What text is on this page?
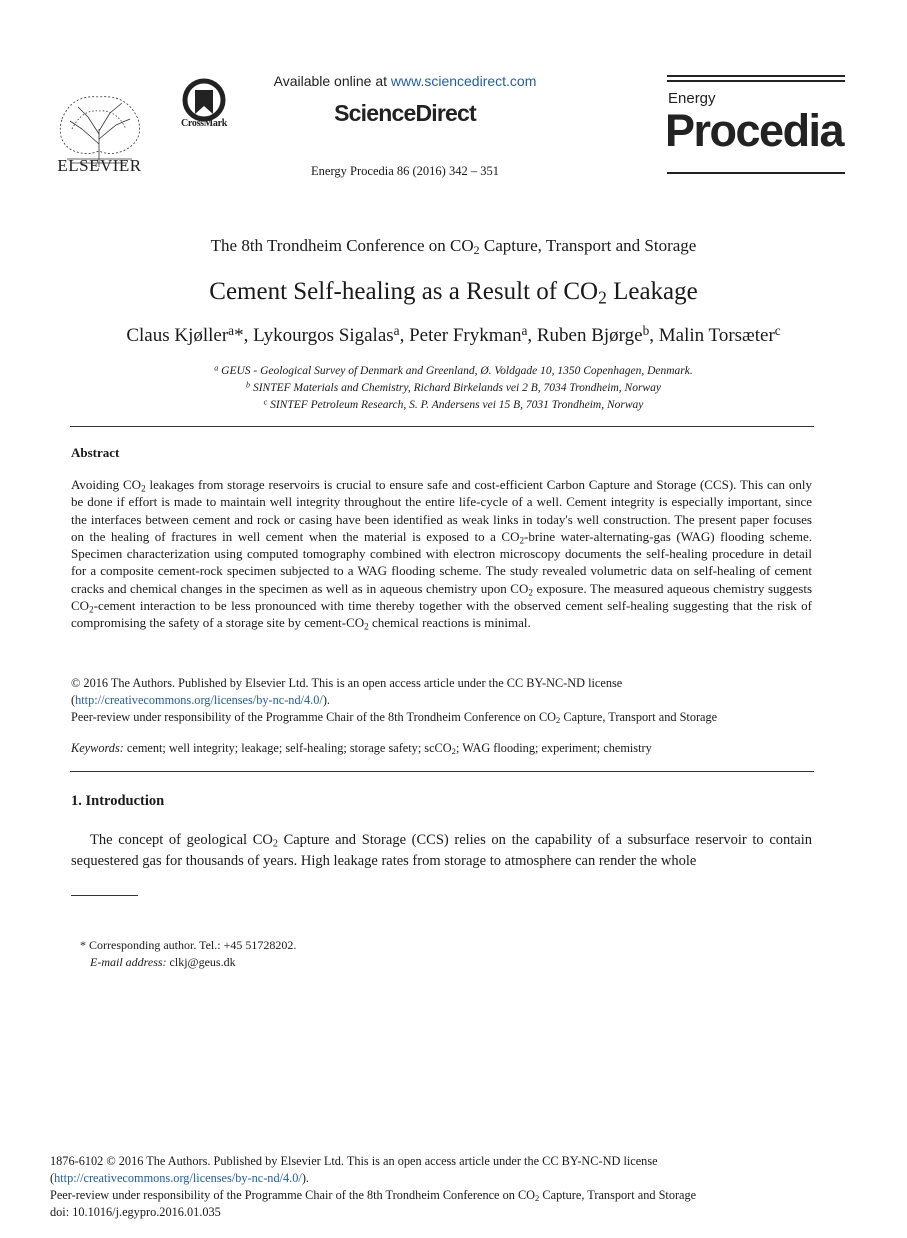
ELSEVIER
CrossMark
Available online at www.sciencedirect.com
ScienceDirect
Energy Procedia 86 (2016) 342 – 351
Energy
Procedia
The 8th Trondheim Conference on $CO_2$ Capture, Transport and Storage
Cement Self-healing as a Result of $CO_2$ Leakage
Claus Kjøller$^a$*, Lykourgos Sigalas$^a$, Peter Frykman$^a$, Ruben Bjørge$^b$, Malin Torsæter$^c$
$^a$ GEUS - Geological Survey of Denmark and Greenland, Ø. Voldgade 10, 1350 Copenhagen, Denmark.
$^b$ SINTEF Materials and Chemistry, Richard Birkelands vei 2 B, 7034 Trondheim, Norway
$^c$ SINTEF Petroleum Research, S. P. Andersens vei 15 B, 7031 Trondheim, Norway
Abstract
Avoiding $CO_2$ leakages from storage reservoirs is crucial to ensure safe and cost-efficient Carbon Capture and Storage (CCS). This can only be done if effort is made to maintain well integrity throughout the entire life-cycle of a well. Cement integrity is especially important, since the interfaces between cement and rock or casing have been identified as weak links in today's well construction. The present paper focuses on the healing of fractures in well cement when the material is exposed to a $CO_2$-brine water-alternating-gas (WAG) flooding scheme. Specimen characterization using computed tomography combined with electron microscopy documents the self-healing procedure in detail for a composite cement-rock specimen subjected to a WAG flooding scheme. The study revealed volumetric data on self-healing of cement cracks and chemical changes in the specimen as well as in aqueous chemistry upon $CO_2$ exposure. The measured aqueous chemistry suggests $CO_2$-cement interaction to be less pronounced with time thereby together with the observed cement self-healing suggesting that the risk of compromising the safety of a storage site by cement-$CO_2$ chemical reactions is minimal.
© 2016 The Authors. Published by Elsevier Ltd. This is an open access article under the CC BY-NC-ND license
(http://creativecommons.org/licenses/by-nc-nd/4.0/).
Peer-review under responsibility of the Programme Chair of the 8th Trondheim Conference on $CO_2$ Capture, Transport and Storage
Keywords: cement; well integrity; leakage; self-healing; storage safety; scCO$_2$; WAG flooding; experiment; chemistry
1. Introduction
The concept of geological $CO_2$ Capture and Storage (CCS) relies on the capability of a subsurface reservoir to contain sequestered gas for thousands of years. High leakage rates from storage to atmosphere can render the whole
* Corresponding author. Tel.: +45 51728202.
E-mail address: clkj@geus.dk
1876-6102 © 2016 The Authors. Published by Elsevier Ltd. This is an open access article under the CC BY-NC-ND license
(http://creativecommons.org/licenses/by-nc-nd/4.0/).
Peer-review under responsibility of the Programme Chair of the 8th Trondheim Conference on $CO_2$ Capture, Transport and Storage
doi: 10.1016/j.egypro.2016.01.035
